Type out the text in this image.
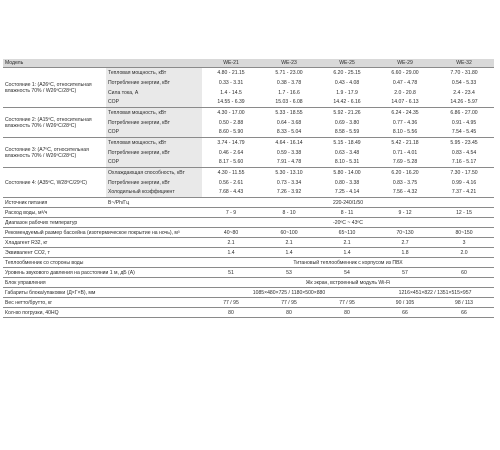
Модель		WE-21	WE-23	WE-25	WE-29	WE-32
Состояние 1: (A26ºC, относительная влажность 70% / W26ºC/28ºC)	Тепловая мощность, кВт	4.80 - 21.15	5.71 - 23.00	6.20 - 25.15	6.60 - 29.00	7.70 - 31.80
	Потребление энергии, кВт	0.33 - 3.31	0.38 - 3.78	0.43 - 4.08	0.47 - 4.78	0.54 - 5.33
	Сила тока, А	1.4 - 14.5	1.7 - 16.6	1.9 - 17.9	2.0 - 20.8	2.4 - 23.4
	COP	14.55 - 6.39	15.03 - 6.08	14.42 - 6.16	14.07 - 6.13	14.26 - 5.97
Состояние 2: (A15ºC, относительная влажность 70% / W26ºC/28ºC)	Тепловая мощность, кВт	4.30 - 17.00	5.33 - 18.55	5.92 - 21.26	6.24 - 24.35	6.86 - 27.00
	Потребление энергии, кВт	0.50 - 2.88	0.64 - 3.68	0.69 - 3.80	0.77 - 4.36	0.91 - 4.95
	COP	8.60 - 5.90	8.33 - 5.04	8.58 - 5.59	8.10 - 5.56	7.54 - 5.45
Состояние 3: (A7ºC, относительная влажность 70% / W26ºC/28ºC)	Тепловая мощность, кВт	3.74 - 14.79	4.64 - 16.14	5.15 - 18.49	5.42 - 21.18	5.95 - 23.45
	Потребление энергии, кВт	0.46 - 2.64	0.59 - 3.38	0.63 - 3.48	0.71 - 4.01	0.83 - 4.54
	COP	8.17 - 5.60	7.91 - 4.78	8.10 - 5.31	7.69 - 5.28	7.16 - 5.17
Состояние 4: (A35ºC, W28ºC/29ºC)	Охлаждающая способность, кВт	4.30 - 11.55	5.30 - 13.10	5.80 - 14.00	6.20 - 16.20	7.30 - 17.50
	Потребление энергии, кВт	0.56 - 2.61	0.73 - 3.34	0.80 - 3.38	0.83 - 3.75	0.99 - 4.16
	Холодильный коэффициент	7.68 - 4.43	7.26 - 3.92	7.25 - 4.14	7.56 - 4.32	7.37 - 4.21
Источник питания	В~/Ph/Гц	220-240/1/50				
Расход воды, м³/ч		7 - 9	8 - 10	8 - 11	9 - 12	12 - 15
Диапазон рабочих температур		-20ºC ~ 43ºC				
Рекомендуемый размер бассейна (изотермическое покрытие на ночь), м³		40~80	60~100	65~110	70~130	80~150
Хладагент R32, кг		2.1	2.1	2.1	2.7	3
Эквивалент CO2, т		1.4	1.4	1.4	1.8	2.0
Теплообменник со стороны воды		Титановый теплообменник с корпусом из ПВХ				
Уровень звукового давления на расстоянии 1 м, дБ (А)		51	53	54	57	60
Блок управления		Жк экран, встроенный модуль Wi-Fi				
Габариты блока/упаковки (Д×Г×В), мм		1085×480×725 / 1180×500×880			1216×451×822 / 1351×515×957	
Вес нетто/брутто, кг		77 / 95	77 / 95	77 / 95	90 / 105	98 / 113
Кол-во погрузки, 40HQ		80	80	80	66	66
